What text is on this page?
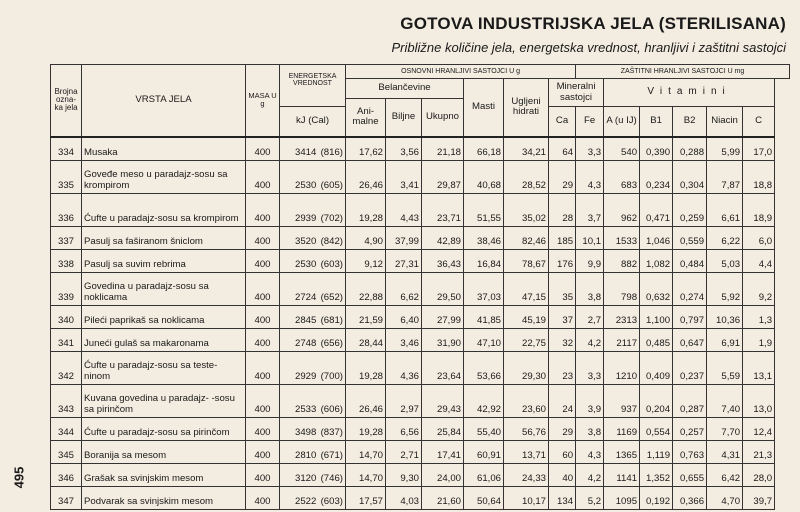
GOTOVA INDUSTRIJSKA JELA (STERILISANA)
Približne količine jela, energetska vrednost, hranljivi i zaštitni sastojci
495
Brojna ozna- ka jela	VRSTA JELA	MASA U g	ENERGETSKA VREDNOST	OSNOVNI HRANLJIVI SASTOJCI U g						ZAŠTITNI HRANLJIVI SASTOJCI U mg					
				Belančevine			Masti	Ugljeni hidrati	Mineralni sastojci		Vitamini				
				Ani- malne	Biljne	Ukupno									
			kJ (Cal)						Ca	Fe	A (u IJ)	B1	B2	Niacin	C
334	Musaka	400	3414 (816)	17,62	3,56	21,18	66,18	34,21	64	3,3	540	0,390	0,288	5,99	17,0
335	Goveđe meso u paradajz-sosu sa krompirom	400	2530 (605)	26,46	3,41	29,87	40,68	28,52	29	4,3	683	0,234	0,304	7,87	18,8
336	Ćufte u paradajz-sosu sa krompirom	400	2939 (702)	19,28	4,43	23,71	51,55	35,02	28	3,7	962	0,471	0,259	6,61	18,9
337	Pasulj sa faširanom šniclom	400	3520 (842)	4,90	37,99	42,89	38,46	82,46	185	10,1	1533	1,046	0,559	6,22	6,0
338	Pasulj sa suvim rebrima	400	2530 (603)	9,12	27,31	36,43	16,84	78,67	176	9,9	882	1,082	0,484	5,03	4,4
339	Govedina u paradajz-sosu sa noklicama	400	2724 (652)	22,88	6,62	29,50	37,03	47,15	35	3,8	798	0,632	0,274	5,92	9,2
340	Pileći paprikaš sa noklicama	400	2845 (681)	21,59	6,40	27,99	41,85	45,19	37	2,7	2313	1,100	0,797	10,36	1,3
341	Juneći gulaš sa makaronama	400	2748 (656)	28,44	3,46	31,90	47,10	22,75	32	4,2	2117	0,485	0,647	6,91	1,9
342	Ćufte u paradajz-sosu sa teste- ninom	400	2929 (700)	19,28	4,36	23,64	53,66	29,30	23	3,3	1210	0,409	0,237	5,59	13,1
343	Kuvana govedina u paradajz- -sosu sa pirinčom	400	2533 (606)	26,46	2,97	29,43	42,92	23,60	24	3,9	937	0,204	0,287	7,40	13,0
344	Ćufte u paradajz-sosu sa pirinčom	400	3498 (837)	19,28	6,56	25,84	55,40	56,76	29	3,8	1169	0,554	0,257	7,70	12,4
345	Boranija sa mesom	400	2810 (671)	14,70	2,71	17,41	60,91	13,71	60	4,3	1365	1,119	0,763	4,31	21,3
346	Grašak sa svinjskim mesom	400	3120 (746)	14,70	9,30	24,00	61,06	24,33	40	4,2	1141	1,352	0,655	6,42	28,0
347	Podvarak sa svinjskim mesom	400	2522 (603)	17,57	4,03	21,60	50,64	10,17	134	5,2	1095	0,192	0,366	4,70	39,7
